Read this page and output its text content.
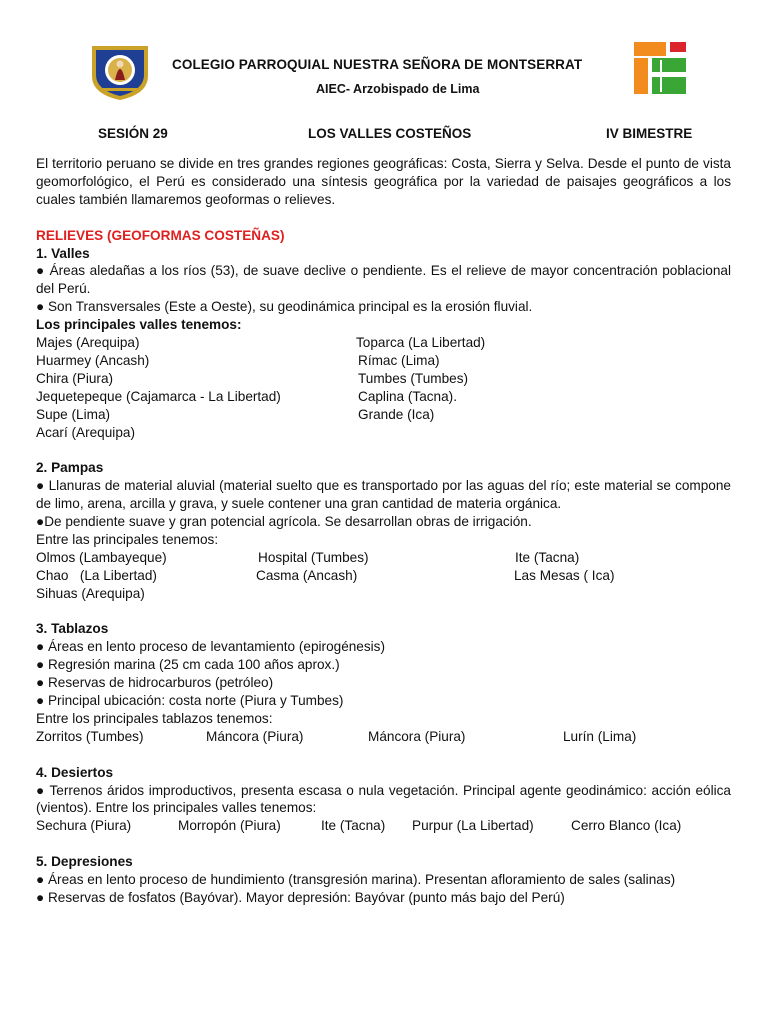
COLEGIO PARROQUIAL NUESTRA SEÑORA DE MONTSERRAT
AIEC- Arzobispado de Lima
SESIÓN 29	LOS VALLES COSTEÑOS	IV BIMESTRE

El territorio peruano se divide en tres grandes regiones geográficas: Costa, Sierra y Selva. Desde el punto de vista geomorfológico, el Perú es considerado una síntesis geográfica por la variedad de paisajes geográficos a los cuales también llamaremos geoformas o relieves.

RELIEVES (GEOFORMAS COSTEÑAS)

1. Valles

● Áreas aledañas a los ríos (53), de suave declive o pendiente. Es el relieve de mayor concentración poblacional del Perú.

● Son Transversales (Este a Oeste), su geodinámica principal es la erosión fluvial.

Los principales valles tenemos:

Majes (Arequipa)	Toparca (La Libertad)
Huarmey (Ancash)	Rímac (Lima)
Chira (Piura)	Tumbes (Tumbes)
Jequetepeque (Cajamarca - La Libertad)	Caplina (Tacna).
Supe (Lima)	Grande (Ica)
Acarí (Arequipa)

2. Pampas

● Llanuras de material aluvial (material suelto que es transportado por las aguas del río; este material se compone de limo, arena, arcilla y grava, y suele contener una gran cantidad de materia orgánica.

●De pendiente suave y gran potencial agrícola. Se desarrollan obras de irrigación.

Entre las principales tenemos:

Olmos (Lambayeque)	Hospital (Tumbes)	Ite (Tacna)
Chao   (La Libertad)	Casma (Ancash)	Las Mesas ( Ica)
Sihuas (Arequipa)

3. Tablazos

● Áreas en lento proceso de levantamiento (epirogénesis)

● Regresión marina (25 cm cada 100 años aprox.)

● Reservas de hidrocarburos (petróleo)

● Principal ubicación: costa norte (Piura y Tumbes)

Entre los principales tablazos tenemos:

Zorritos (Tumbes)	Máncora (Piura)	Máncora (Piura)	Lurín (Lima)

4. Desiertos

● Terrenos áridos improductivos, presenta escasa o nula vegetación. Principal agente geodinámico: acción eólica (vientos). Entre los principales valles tenemos:

Sechura (Piura)	Morropón (Piura)	Ite (Tacna) Purpur (La Libertad)	Cerro Blanco (Ica)

5. Depresiones

● Áreas en lento proceso de hundimiento (transgresión marina). Presentan afloramiento de sales (salinas)

● Reservas de fosfatos (Bayóvar). Mayor depresión: Bayóvar (punto más bajo del Perú)
